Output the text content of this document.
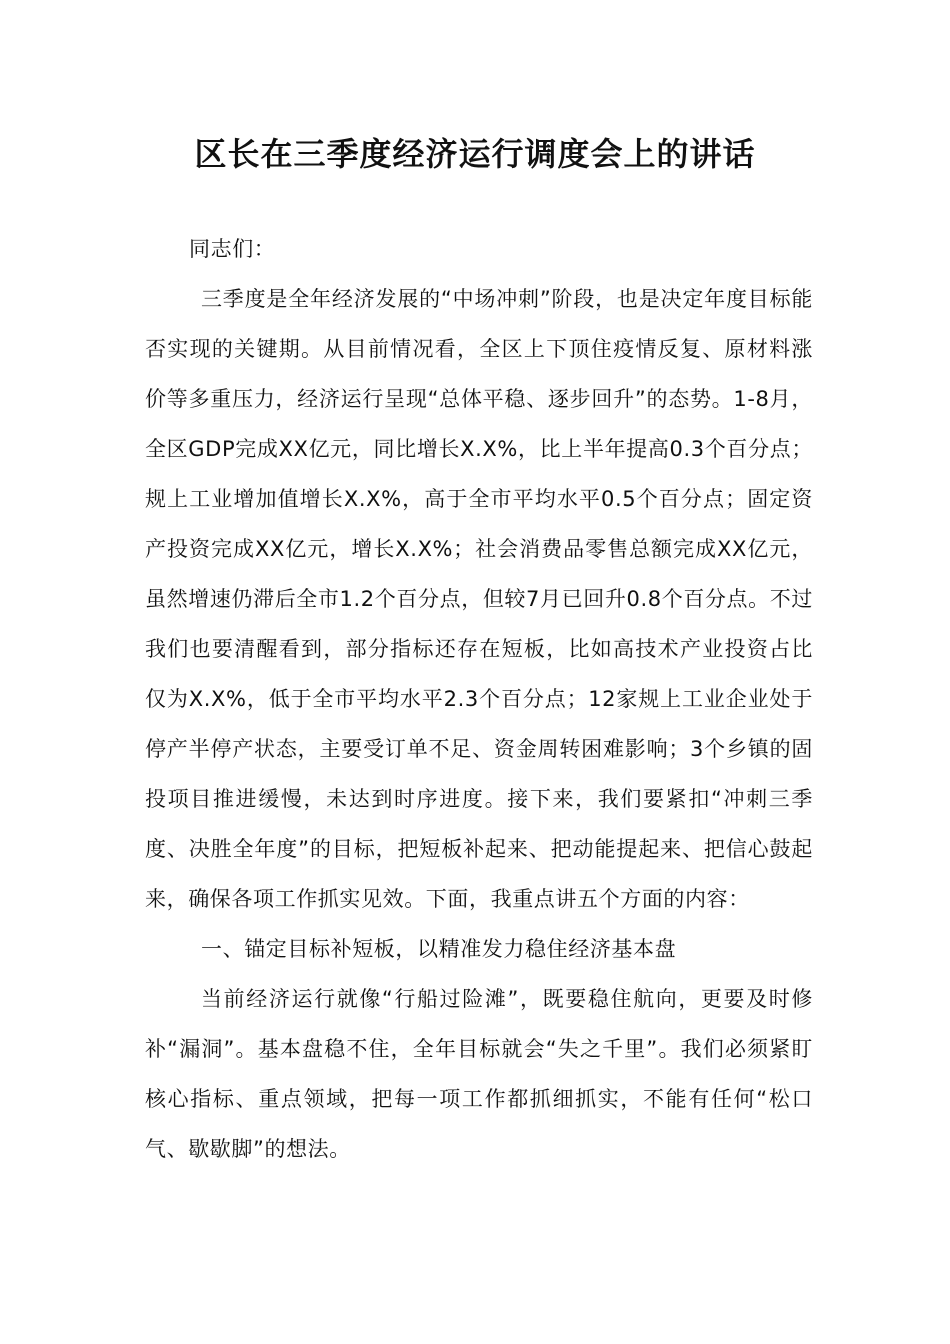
区长在三季度经济运行调度会上的讲话

同志们：

三季度是全年经济发展的“中场冲刺”阶段，也是决定年度目标能否实现的关键期。从目前情况看，全区上下顶住疫情反复、原材料涨价等多重压力，经济运行呈现“总体平稳、逐步回升”的态势。1-8月，全区GDP完成XX亿元，同比增长X.X%，比上半年提高0.3个百分点；规上工业增加值增长X.X%，高于全市平均水平0.5个百分点；固定资产投资完成XX亿元，增长X.X%；社会消费品零售总额完成XX亿元，虽然增速仍滞后全市1.2个百分点，但较7月已回升0.8个百分点。不过我们也要清醒看到，部分指标还存在短板，比如高技术产业投资占比仅为X.X%，低于全市平均水平2.3个百分点；12家规上工业企业处于停产半停产状态，主要受订单不足、资金周转困难影响；3个乡镇的固投项目推进缓慢，未达到时序进度。接下来，我们要紧扣“冲刺三季度、决胜全年度”的目标，把短板补起来、把动能提起来、把信心鼓起来，确保各项工作抓实见效。下面，我重点讲五个方面的内容：

一、锚定目标补短板，以精准发力稳住经济基本盘

当前经济运行就像“行船过险滩”，既要稳住航向，更要及时修补“漏洞”。基本盘稳不住，全年目标就会“失之千里”。我们必须紧盯核心指标、重点领域，把每一项工作都抓细抓实，不能有任何“松口气、歇歇脚”的想法。
